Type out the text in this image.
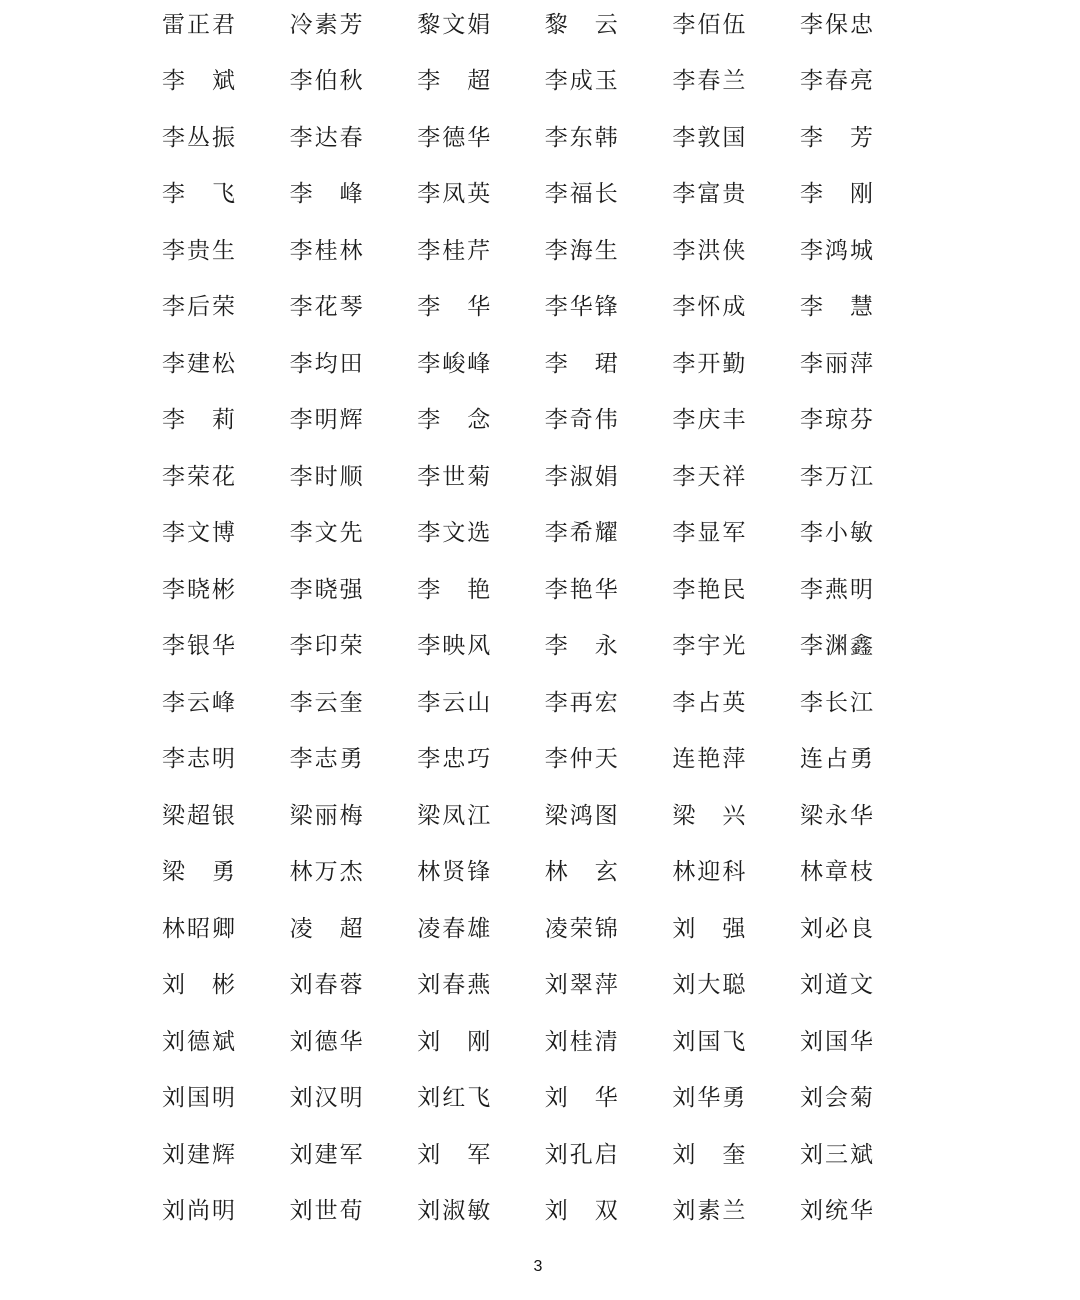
雷正君 冷素芳 黎文娟 黎　云 李佰伍 李保忠
李　斌 李伯秋 李　超 李成玉 李春兰 李春亮
李丛振 李达春 李德华 李东韩 李敦国 李　芳
李　飞 李　峰 李凤英 李福长 李富贵 李　刚
李贵生 李桂林 李桂芹 李海生 李洪侠 李鸿城
李后荣 李花琴 李　华 李华锋 李怀成 李　慧
李建松 李均田 李峻峰 李　珺 李开勤 李丽萍
李　莉 李明辉 李　念 李奇伟 李庆丰 李琼芬
李荣花 李时顺 李世菊 李淑娟 李天祥 李万江
李文博 李文先 李文选 李希耀 李显军 李小敏
李晓彬 李晓强 李　艳 李艳华 李艳民 李燕明
李银华 李印荣 李映风 李　永 李宇光 李渊鑫
李云峰 李云奎 李云山 李再宏 李占英 李长江
李志明 李志勇 李忠巧 李仲天 连艳萍 连占勇
梁超银 梁丽梅 梁凤江 梁鸿图 梁　兴 梁永华
梁　勇 林万杰 林贤锋 林　玄 林迎科 林章枝
林昭卿 凌　超 凌春雄 凌荣锦 刘　强 刘必良
刘　彬 刘春蓉 刘春燕 刘翠萍 刘大聪 刘道文
刘德斌 刘德华 刘　刚 刘桂清 刘国飞 刘国华
刘国明 刘汉明 刘红飞 刘　华 刘华勇 刘会菊
刘建辉 刘建军 刘　军 刘孔启 刘　奎 刘三斌
刘尚明 刘世荀 刘淑敏 刘　双 刘素兰 刘统华
3
